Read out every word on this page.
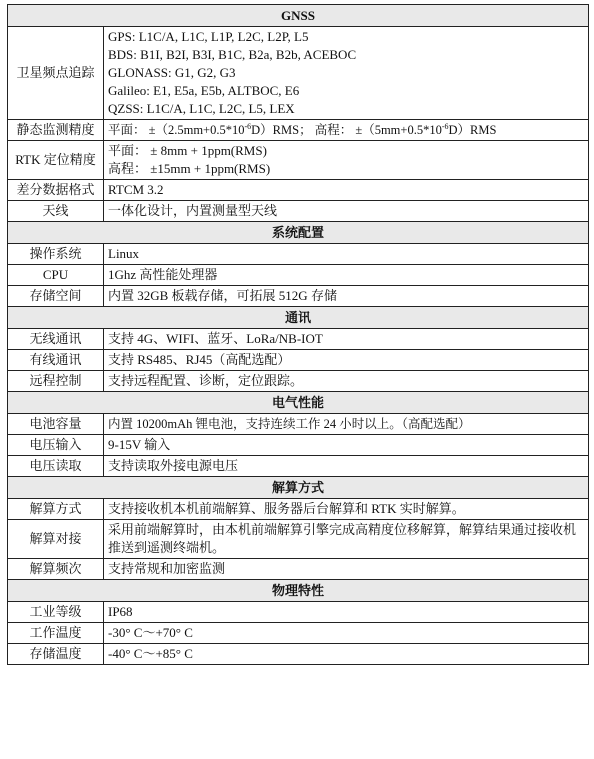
GNSS	
卫星频点追踪	GPS: L1C/A, L1C, L1P, L2C, L2P, L5
BDS: B1I, B2I, B3I, B1C, B2a, B2b, ACEBOC
GLONASS: G1, G2, G3
Galileo: E1, E5a, E5b, ALTBOC, E6
QZSS: L1C/A, L1C, L2C, L5, LEX

静态监测精度	平面： $\pm(2.5mm+0.5*10^{-6}D)RMS$； 高程： $\pm(5mm+0.5*10^{-6}D)RMS$
RTK 定位精度	平面： ± 8mm + 1ppm(RMS)
高程： ±15mm + 1ppm(RMS)

差分数据格式	RTCM 3.2
天线	一体化设计，内置测量型天线
系统配置	
操作系统	Linux
CPU	1Ghz 高性能处理器
存储空间	内置 32GB 板载存储，可拓展 512G 存储
通讯	
无线通讯	支持 4G、WIFI、蓝牙、LoRa/NB-IOT
有线通讯	支持 RS485、RJ45（高配选配）
远程控制	支持远程配置、诊断，定位跟踪。
电气性能	
电池容量	内置 10200mAh 锂电池，支持连续工作 24 小时以上。（高配选配）
电压输入	9-15V 输入
电压读取	支持读取外接电源电压
解算方式	
解算方式	支持接收机本机前端解算、服务器后台解算和 RTK 实时解算。
解算对接	采用前端解算时，由本机前端解算引擎完成高精度位移解算，解算结果通过接收机推送到遥测终端机。
解算频次	支持常规和加密监测
物理特性	
工业等级	IP68
工作温度	-30° C～+70° C
存储温度	-40° C～+85° C
